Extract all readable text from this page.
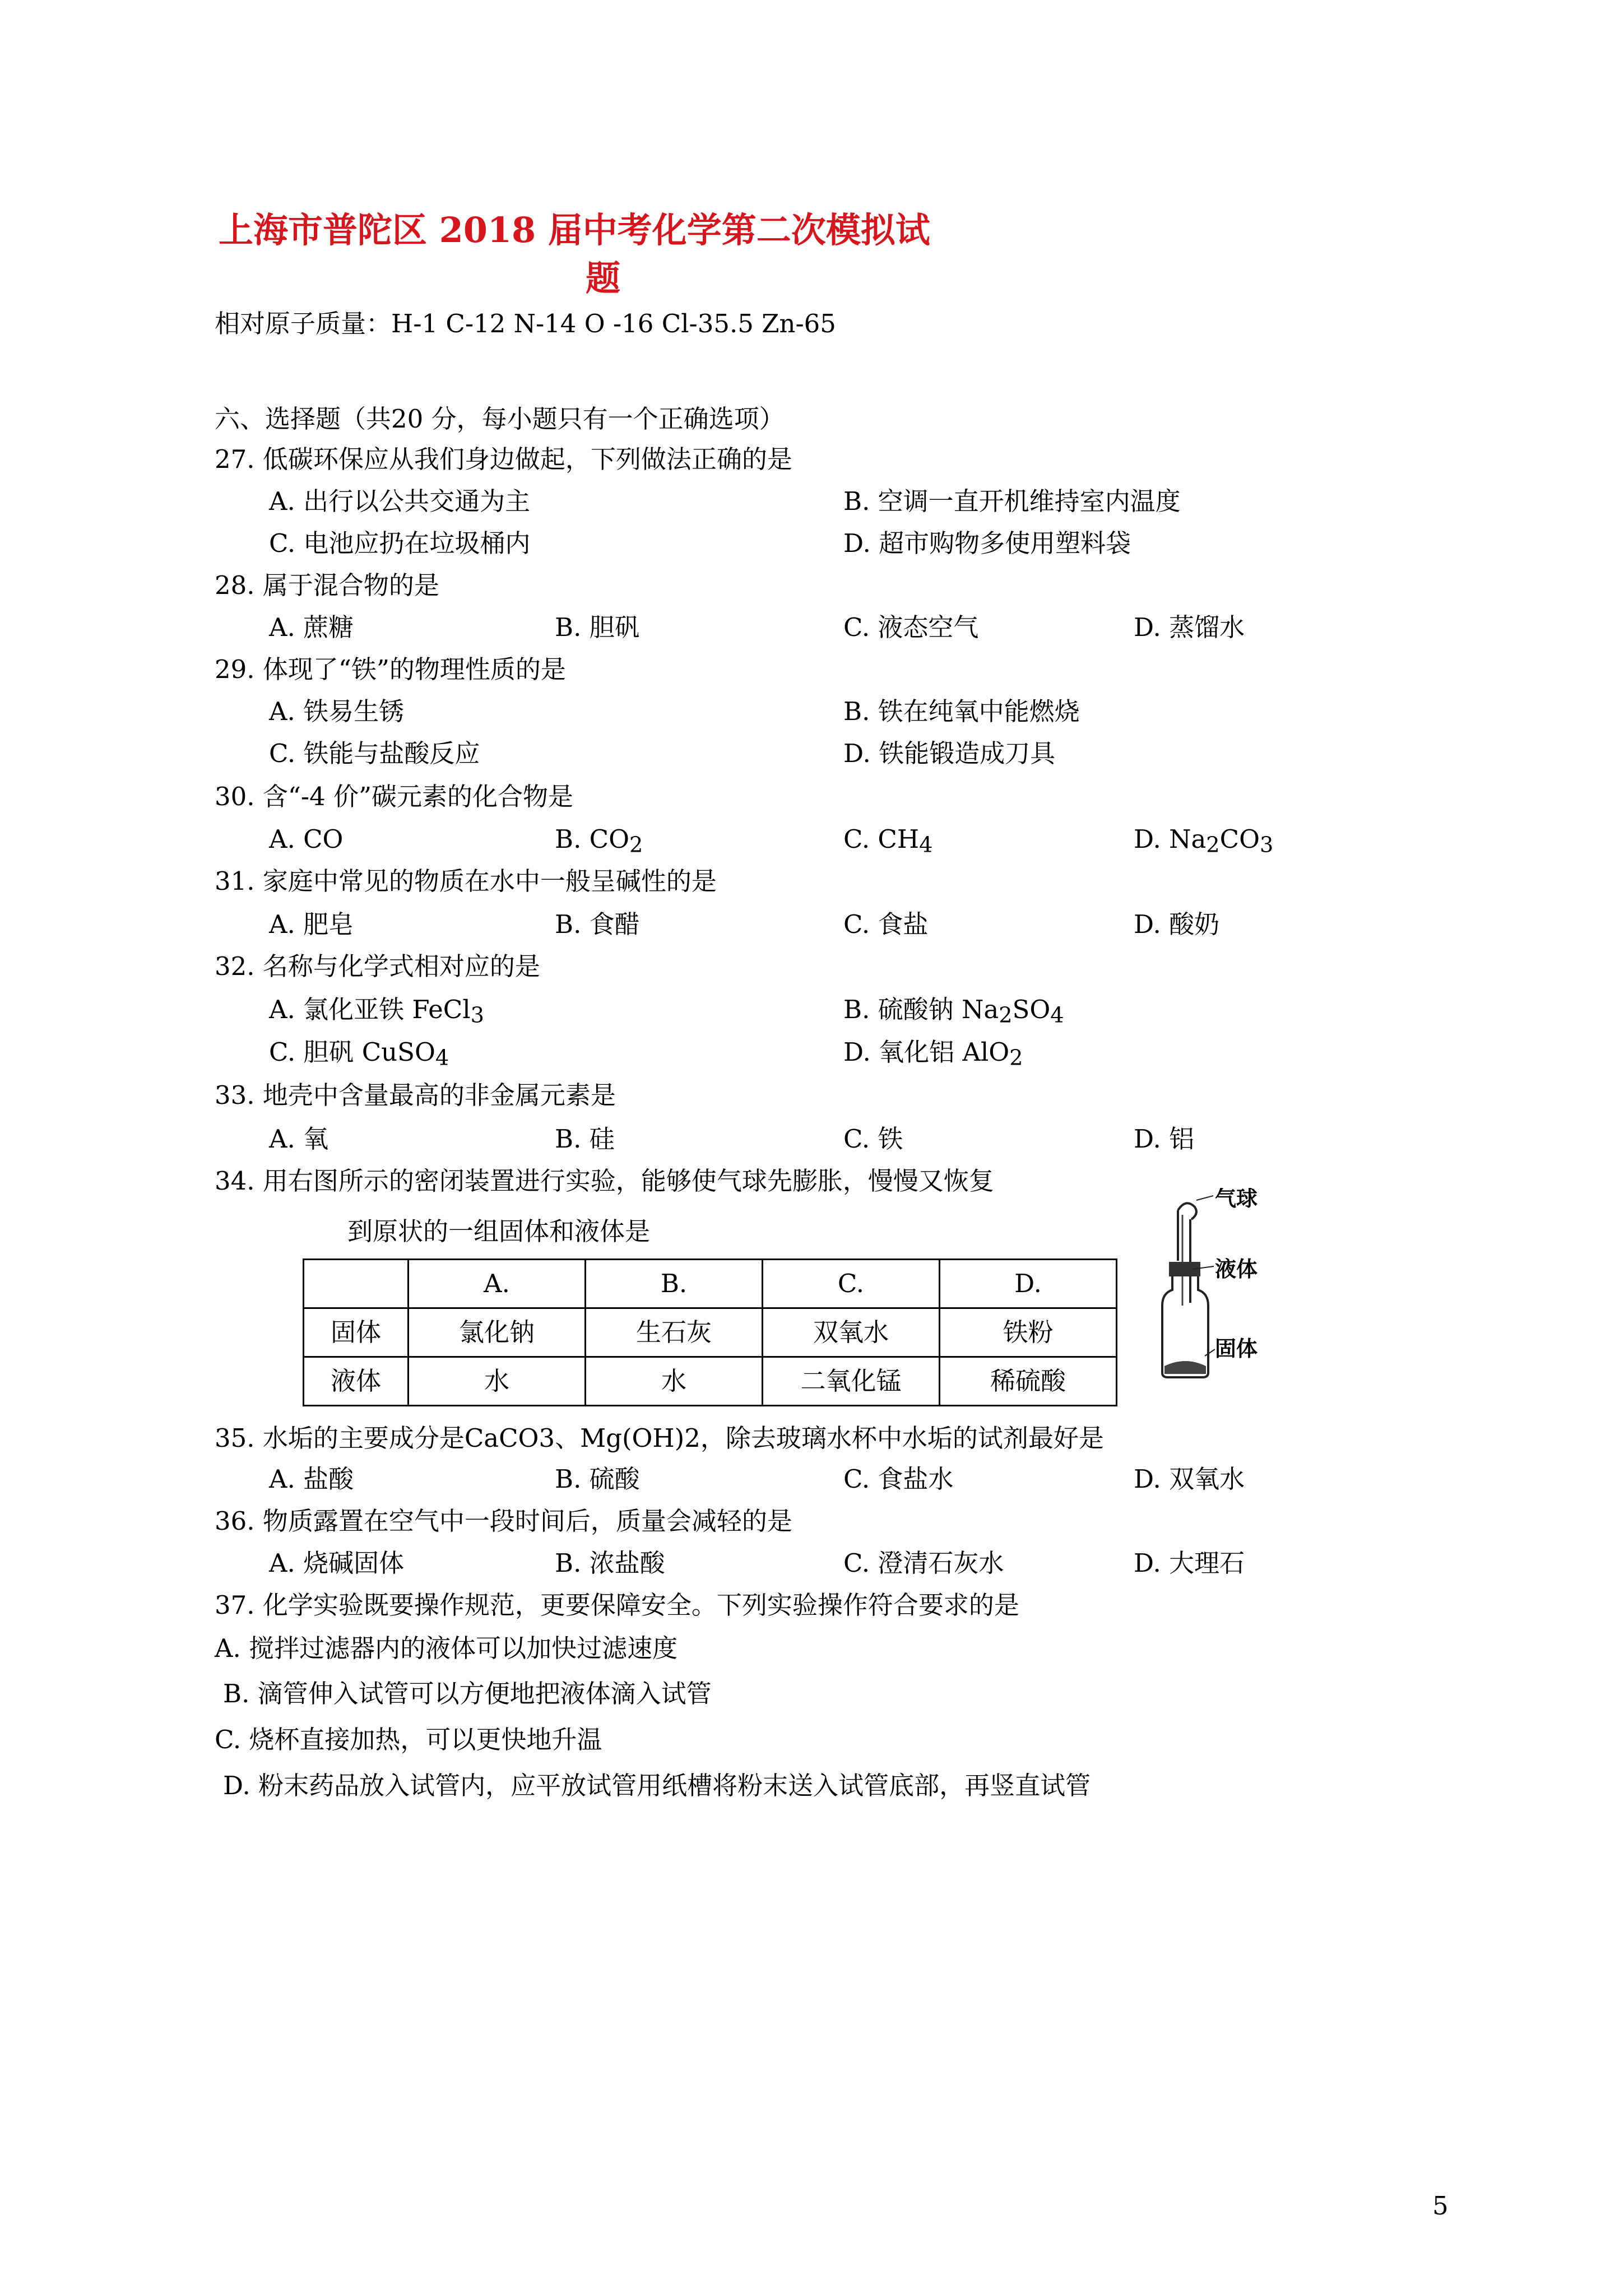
上海市普陀区 2018 届中考化学第二次模拟试
题
相对原子质量：H-1 C-12 N-14 O -16 Cl-35.5 Zn-65
六、选择题（共20 分，每小题只有一个正确选项）
27. 低碳环保应从我们身边做起，下列做法正确的是
A. 出行以公共交通为主	B. 空调一直开机维持室内温度
C. 电池应扔在垃圾桶内	D. 超市购物多使用塑料袋
28. 属于混合物的是
A. 蔗糖	B. 胆矾	C. 液态空气	D. 蒸馏水
29. 体现了“铁”的物理性质的是
A. 铁易生锈	B. 铁在纯氧中能燃烧
C. 铁能与盐酸反应	D. 铁能锻造成刀具
30. 含“-4 价”碳元素的化合物是
A. CO	B. $CO_2$	C. $CH_4$	D. $Na_2CO_3$
31. 家庭中常见的物质在水中一般呈碱性的是
A. 肥皂	B. 食醋	C. 食盐	D. 酸奶
32. 名称与化学式相对应的是
A. 氯化亚铁 FeCl$_3$	B. 硫酸钠 $Na_2SO_4$
C. 胆矾 CuSO$_4$	D. 氧化铝 AlO$_2$
33. 地壳中含量最高的非金属元素是
A. 氧	B. 硅	C. 铁	D. 铝
34. 用右图所示的密闭装置进行实验，能够使气球先膨胀，慢慢又恢复
到原状的一组固体和液体是
	A.	B.	C.	D.
固体	氯化钠	生石灰	双氧水	铁粉
液体	水	水	二氧化锰	稀硫酸
气球
液体
固体
35. 水垢的主要成分是CaCO3、Mg(OH)2，除去玻璃水杯中水垢的试剂最好是
A. 盐酸	B. 硫酸	C. 食盐水	D. 双氧水
36. 物质露置在空气中一段时间后，质量会减轻的是
A. 烧碱固体	B. 浓盐酸	C. 澄清石灰水	D. 大理石
37. 化学实验既要操作规范，更要保障安全。下列实验操作符合要求的是
A. 搅拌过滤器内的液体可以加快过滤速度
B. 滴管伸入试管可以方便地把液体滴入试管
C. 烧杯直接加热，可以更快地升温
D. 粉末药品放入试管内，应平放试管用纸槽将粉末送入试管底部，再竖直试管
5
